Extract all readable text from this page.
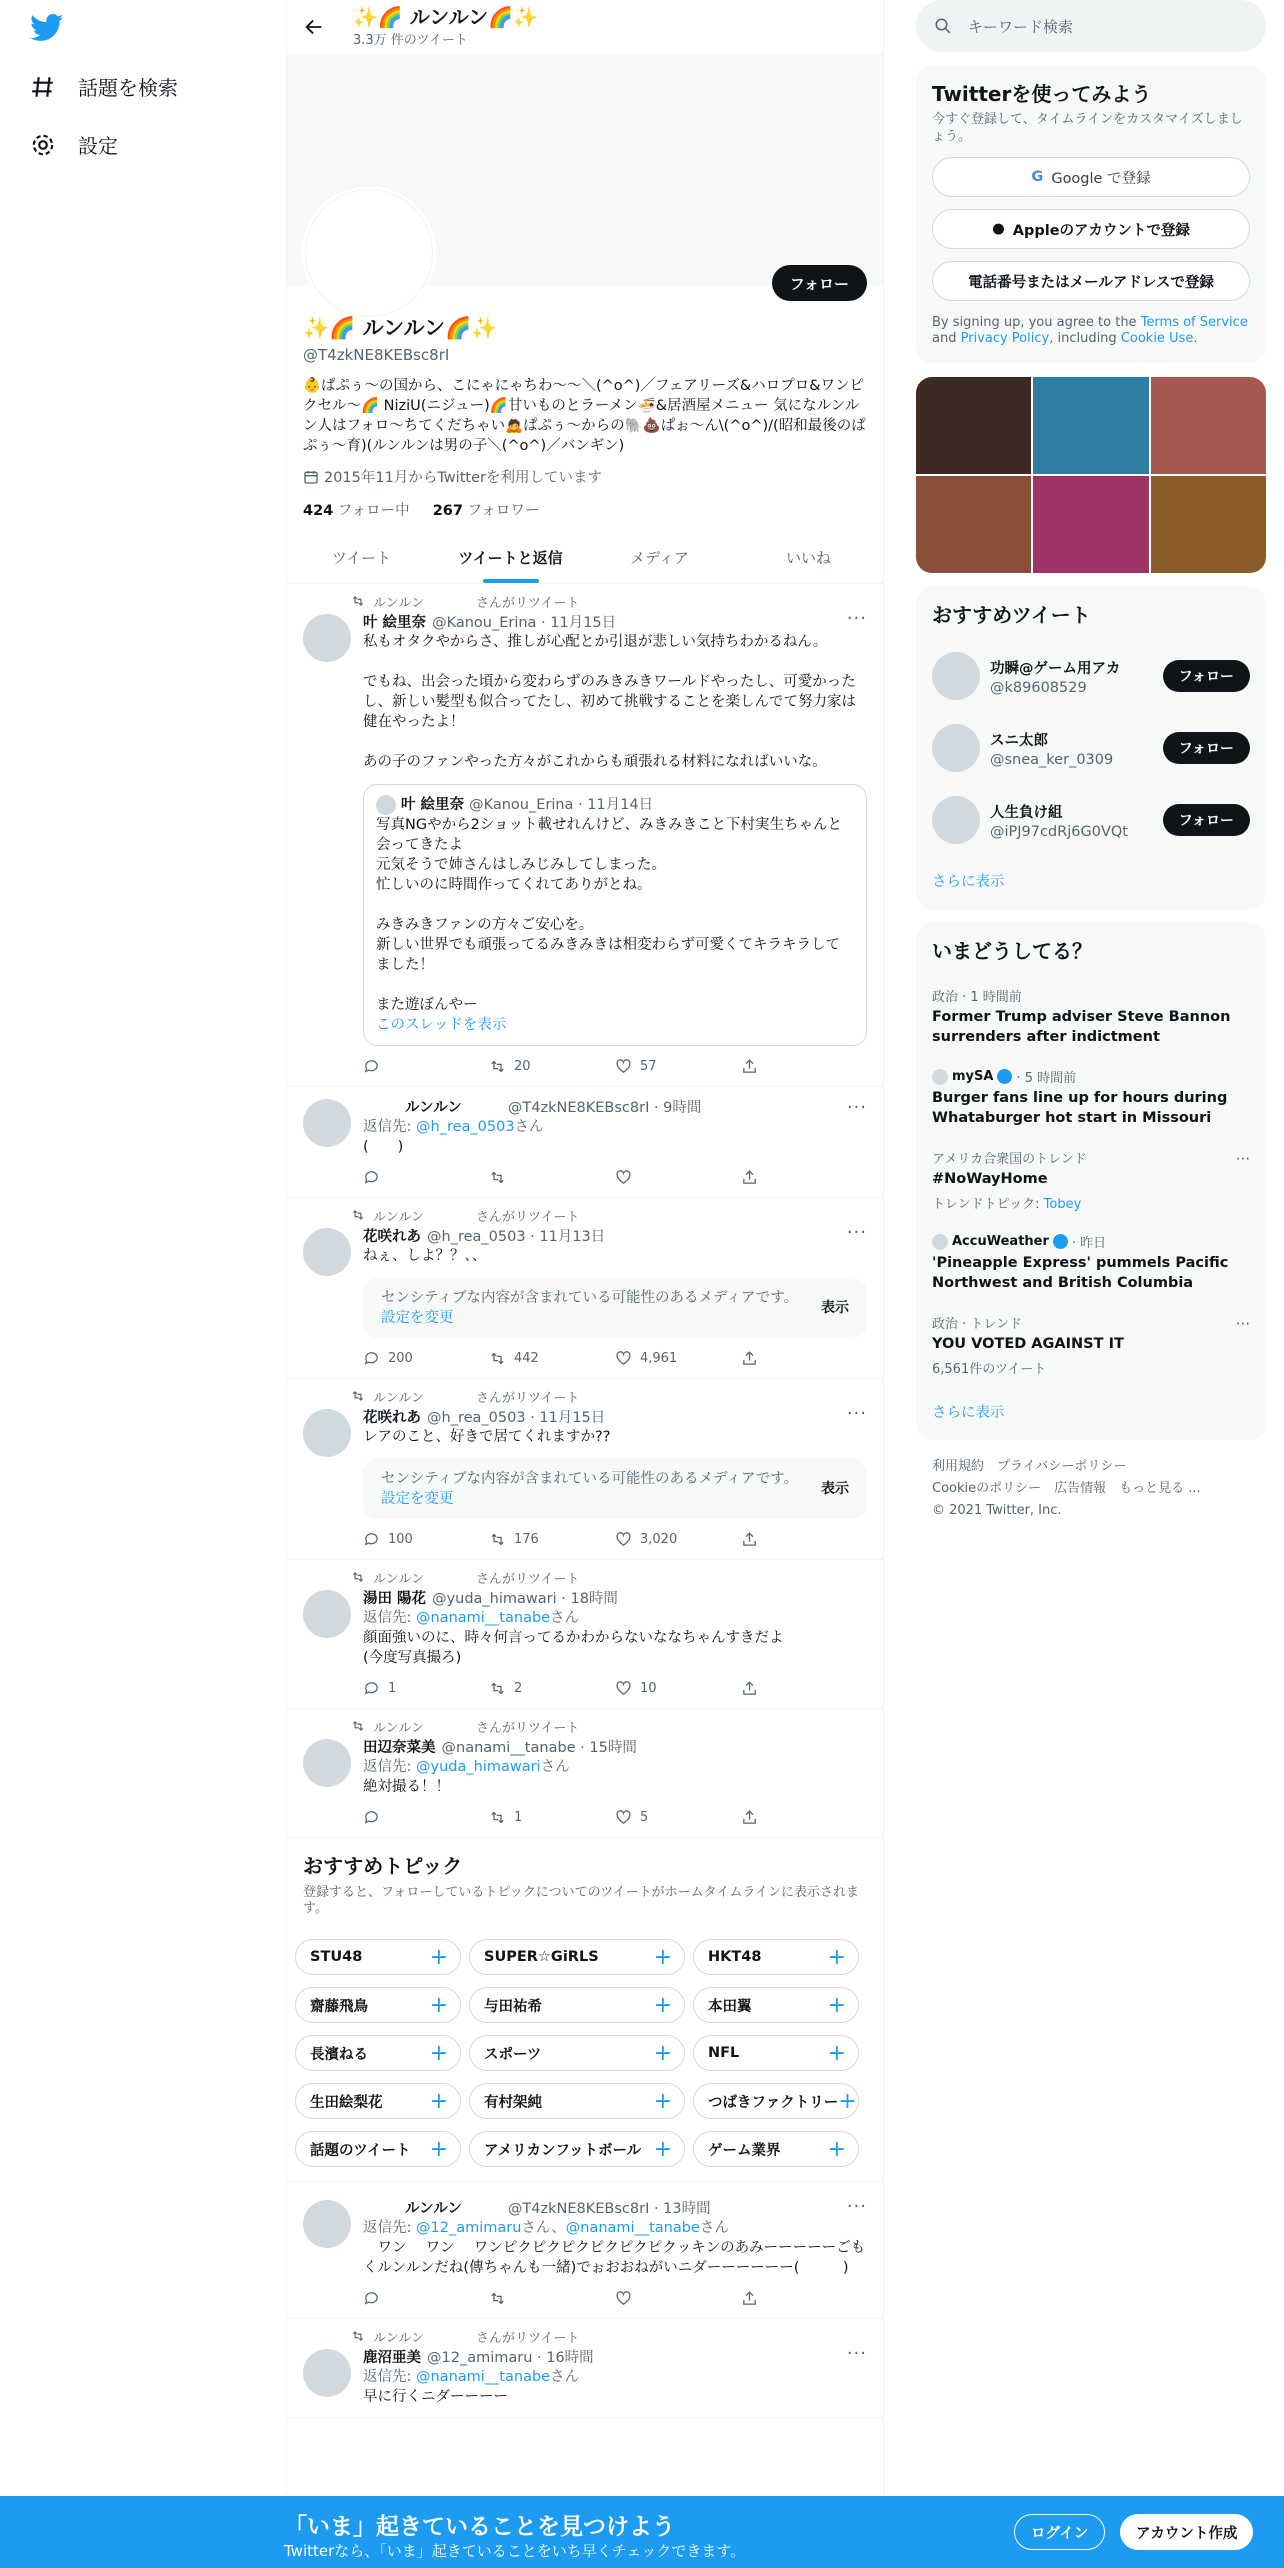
話題を検索
設定
✨🌈 ルンルン🌈✨
3.3万 件のツイート
フォロー
✨🌈 ルンルン🌈✨
@T4zkNE8KEBsc8rI
👶ぱぷぅ〜の国から、こにゃにゃちわ〜〜＼(^o^)／フェアリーズ&ハロプロ&ワンピクセル〜🌈 NiziU(ニジュー)🌈甘いものとラーメン🍜&居酒屋メニュー 気になルンルン人はフォロ〜ちてくだちゃい🙇ぱぷぅ〜からの🐘💩ぱぉ〜ん\(^o^)/(昭和最後のぱぷぅ〜育)(ルンルンは男の子＼(^o^)／バンギン)
2015年11月からTwitterを利用しています
424 フォロー中 267 フォロワー
ツイート	ツイートと返信	メディア	いいね
ルンルン　　　　さんがリツイート
···
叶 絵里奈 @Kanou_Erina · 11月15日
私もオタクやからさ、推しが心配とか引退が悲しい気持ちわかるねん。

でもね、出会った頃から変わらずのみきみきワールドやったし、可愛かったし、新しい髪型も似合ってたし、初めて挑戦することを楽しんでて努力家は健在やったよ！

あの子のファンやった方々がこれからも頑張れる材料になればいいな。
叶 絵里奈 @Kanou_Erina · 11月14日
写真NGやから2ショット載せれんけど、みきみきこと下村実生ちゃんと会ってきたよ
元気そうで姉さんはしみじみしてしまった。
忙しいのに時間作ってくれてありがとね。

みきみきファンの方々ご安心を。
新しい世界でも頑張ってるみきみきは相変わらず可愛くてキラキラしてました！

また遊ぼんやー
このスレッドを表示
20	57
···
ルンルン	@T4zkNE8KEBsc8rI · 9時間
返信先: @h_rea_0503さん
(　　)
ルンルン　　　　さんがリツイート
···
花咲れあ @h_rea_0503 · 11月13日
ねぇ、しよ？？、、
センシティブな内容が含まれている可能性のあるメディアです。設定を変更
表示
200	442	4,961
ルンルン　　　　さんがリツイート
···
花咲れあ @h_rea_0503 · 11月15日
レアのこと、好きで居てくれますか??
センシティブな内容が含まれている可能性のあるメディアです。設定を変更
表示
100	176	3,020
ルンルン　　　　さんがリツイート
湯田 陽花 @yuda_himawari · 18時間
返信先: @nanami__tanabeさん
顔面強いのに、時々何言ってるかわからないななちゃんすきだよ
(今度写真撮ろ)
1	2	10
ルンルン　　　　さんがリツイート
田辺奈菜美 @nanami__tanabe · 15時間
返信先: @yuda_himawariさん
絶対撮る！！
1	5
おすすめトピック
登録すると、フォローしているトピックについてのツイートがホームタイムラインに表示されます。
STU48	+ SUPER☆GiRLS + HKT48	+
齋藤飛鳥	+ 与田祐希	+ 本田翼	+
長濱ねる	+ スポーツ	+ NFL	+
生田絵梨花 + 有村架純	+ つばきファクトリー +
話題のツイート + アメリカンフットボール + ゲーム業界 +
···
ルンルン	@T4zkNE8KEBsc8rI · 13時間
返信先: @12_amimaruさん、@nanami__tanabeさん
　ワン　 ワン　 ワンピクピクピクピクピクピクッキンのあみーーーーーごもくルンルンだね(傳ちゃんも一緒)でぉおおねがいニダーーーーーー(　　　)
ルンルン　　　　さんがリツイート
···
鹿沼亜美 @12_amimaru · 16時間
返信先: @nanami__tanabeさん
早に行くニダーーーー
キーワード検索
Twitterを使ってみよう

今すぐ登録して、タイムラインをカスタマイズしましょう。

G Google で登録
● Appleのアカウントで登録
電話番号またはメールアドレスで登録
By signing up, you agree to the Terms of Service and Privacy Policy, including Cookie Use.
おすすめツイート
功瞬@ゲーム用アカ
@k89608529
フォロー
スニ太郎
@snea_ker_0309
フォロー
人生負け組
@iPJ97cdRj6G0VQt
フォロー
さらに表示
いまどうしてる？
政治 · 1 時間前
Former Trump adviser Steve Bannon surrenders after indictment
mySA · 5 時間前
Burger fans line up for hours during Whataburger hot start in Missouri
···
アメリカ合衆国のトレンド
#NoWayHome
トレンドトピック: Tobey
AccuWeather · 昨日
'Pineapple Express' pummels Pacific Northwest and British Columbia
···
政治 · トレンド
YOU VOTED AGAINST IT
6,561件のツイート
さらに表示
利用規約　プライバシーポリシー
Cookieのポリシー　広告情報　もっと見る ...
© 2021 Twitter, Inc.
「いま」起きていることを見つけよう
Twitterなら、「いま」起きていることをいち早くチェックできます。
ログイン	アカウント作成
